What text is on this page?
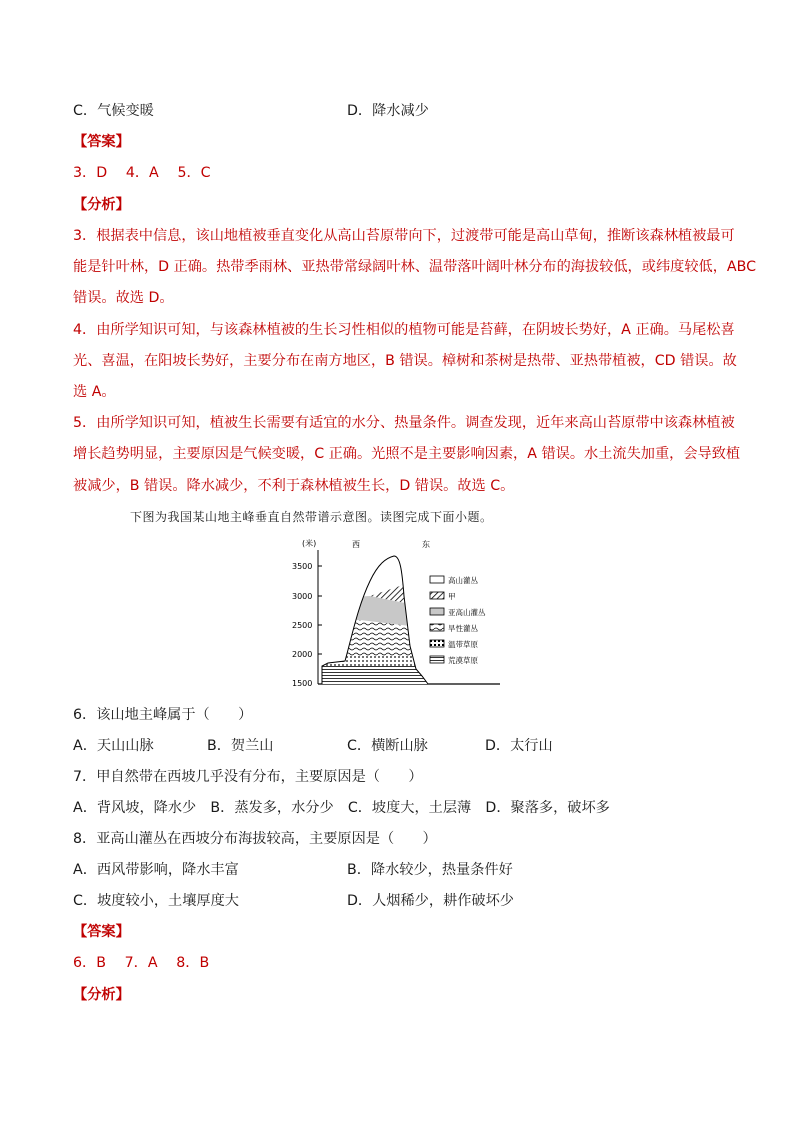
C．气候变暖	D．降水减少
【答案】
3．D　 4．A　 5．C
【分析】
3．根据表中信息，该山地植被垂直变化从高山苔原带向下，过渡带可能是高山草甸，推断该森林植被最可
能是针叶林，D 正确。热带季雨林、亚热带常绿阔叶林、温带落叶阔叶林分布的海拔较低，或纬度较低，ABC
错误。故选 D。
4．由所学知识可知，与该森林植被的生长习性相似的植物可能是苔藓，在阴坡长势好，A 正确。马尾松喜
光、喜温，在阳坡长势好，主要分布在南方地区，B 错误。樟树和茶树是热带、亚热带植被，CD 错误。故
选 A。
5．由所学知识可知，植被生长需要有适宜的水分、热量条件。调查发现，近年来高山苔原带中该森林植被
增长趋势明显，主要原因是气候变暖，C 正确。光照不是主要影响因素，A 错误。水土流失加重，会导致植
被减少，B 错误。降水减少，不利于森林植被生长，D 错误。故选 C。
下图为我国某山地主峰垂直自然带谱示意图。读图完成下面小题。
(米)
3500
3000
2500
2000
1500
西	东
高山灌丛
甲
亚高山灌丛
旱性灌丛
温带草原
荒漠草原
6．该山地主峰属于（　　）
A．天山山脉	B．贺兰山	C．横断山脉	D．太行山
7．甲自然带在西坡几乎没有分布，主要原因是（　　）
A．背风坡，降水少　B．蒸发多，水分少　C．坡度大，土层薄　D．聚落多，破坏多
8．亚高山灌丛在西坡分布海拔较高，主要原因是（　　）
A．西风带影响，降水丰富	B．降水较少，热量条件好
C．坡度较小，土壤厚度大	D．人烟稀少，耕作破坏少
【答案】
6．B　 7．A　 8．B
【分析】
